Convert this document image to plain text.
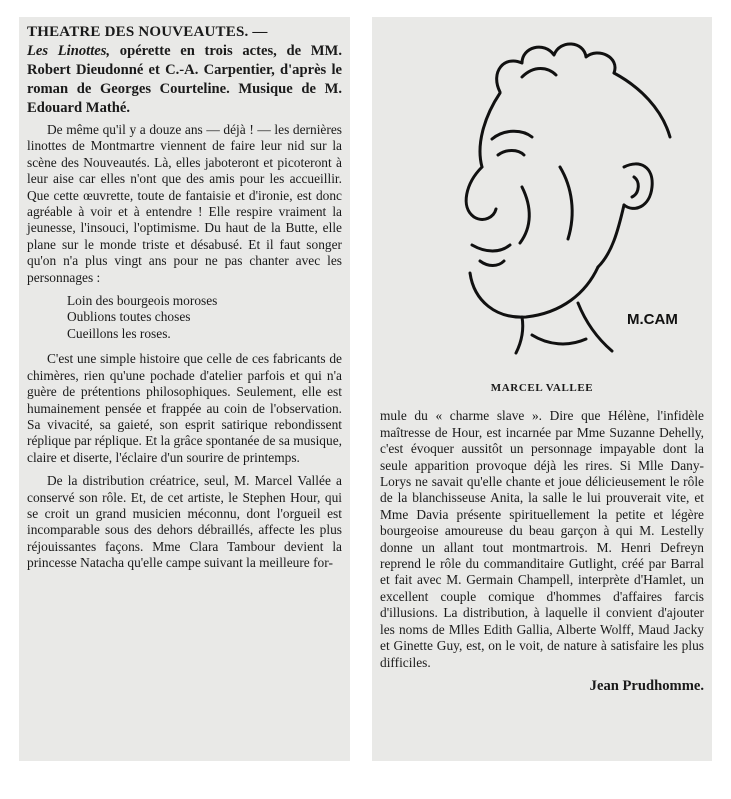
THEATRE DES NOUVEAUTES. —

Les Linottes, opérette en trois actes, de MM. Robert Dieudonné et C.-A. Carpentier, d'après le roman de Georges Courteline. Musique de M. Edouard Mathé.

De même qu'il y a douze ans — déjà ! — les dernières linottes de Montmartre viennent de faire leur nid sur la scène des Nouveautés. Là, elles jaboteront et picoteront à leur aise car elles n'ont que des amis pour les accueillir. Que cette œuvrette, toute de fantaisie et d'ironie, est donc agréable à voir et à entendre ! Elle respire vraiment la jeunesse, l'insouci, l'optimisme. Du haut de la Butte, elle plane sur le monde triste et désabusé. Et il faut songer qu'on n'a plus vingt ans pour ne pas chanter avec les personnages :

Loin des bourgeois moroses
Oublions toutes choses
Cueillons les roses.

C'est une simple histoire que celle de ces fabricants de chimères, rien qu'une pochade d'atelier parfois et qui n'a guère de prétentions philosophiques. Seulement, elle est humainement pensée et frappée au coin de l'observation. Sa vivacité, sa gaieté, son esprit satirique rebondissent réplique par réplique. Et la grâce spontanée de sa musique, claire et diserte, l'éclaire d'un sourire de printemps.

De la distribution créatrice, seul, M. Marcel Vallée a conservé son rôle. Et, de cet artiste, le Stephen Hour, qui se croit un grand musicien méconnu, dont l'orgueil est incomparable sous des dehors débraillés, affecte les plus réjouissantes façons. Mme Clara Tambour devient la princesse Natacha qu'elle campe suivant la meilleure for-

M.CAM
MARCEL VALLEE

mule du « charme slave ». Dire que Hélène, l'infidèle maîtresse de Hour, est incarnée par Mme Suzanne Dehelly, c'est évoquer aussitôt un personnage impayable dont la seule apparition provoque déjà les rires. Si Mlle Dany-Lorys ne savait qu'elle chante et joue délicieusement le rôle de la blanchisseuse Anita, la salle le lui prouverait vite, et Mme Davia présente spirituellement la petite et légère bourgeoise amoureuse du beau garçon à qui M. Lestelly donne un allant tout montmartrois. M. Henri Defreyn reprend le rôle du commanditaire Gutlight, créé par Barral et fait avec M. Germain Champell, interprète d'Hamlet, un excellent couple comique d'hommes d'affaires farcis d'illusions. La distribution, à laquelle il convient d'ajouter les noms de Mlles Edith Gallia, Alberte Wolff, Maud Jacky et Ginette Guy, est, on le voit, de nature à satisfaire les plus difficiles.

Jean Prudhomme.
